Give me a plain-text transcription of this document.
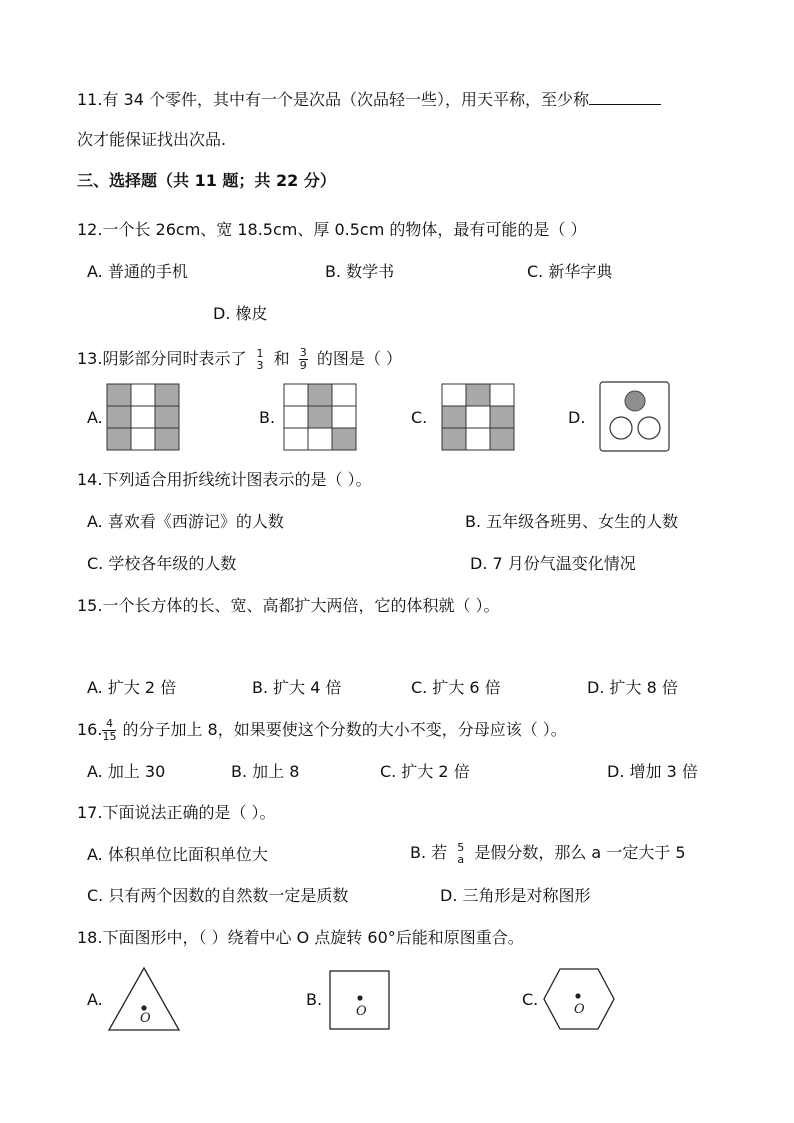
11.有 34 个零件，其中有一个是次品（次品轻一些），用天平称，至少称
次才能保证找出次品.
三、选择题（共 11 题；共 22 分）
12.一个长 26cm、宽 18.5cm、厚 0.5cm 的物体，最有可能的是（ ）
A. 普通的手机	B. 数学书	C. 新华字典
D. 橡皮
13.阴影部分同时表示了 1
3 和 $\frac{3}{9}$ 的图是（ ）
A.	B.	C.	D.
14.下列适合用折线统计图表示的是（ ）。
A. 喜欢看《西游记》的人数	B. 五年级各班男、女生的人数
C. 学校各年级的人数	D. 7 月份气温变化情况
15.一个长方体的长、宽、高都扩大两倍，它的体积就（ ）。
A. 扩大 2 倍	B. 扩大 4 倍	C. 扩大 6 倍	D. 扩大 8 倍
16. $\frac{4}{15}$ 的分子加上 8，如果要使这个分数的大小不变，分母应该（ ）。
A. 加上 30	B. 加上 8	C. 扩大 2 倍	D. 增加 3 倍
17.下面说法正确的是（ ）。
A. 体积单位比面积单位大	B. 若 5
a 是假分数，那么 a 一定大于 5
C. 只有两个因数的自然数一定是质数	D. 三角形是对称图形
18.下面图形中，（ ）绕着中心 O 点旋转 60°后能和原图重合。
A.
O
B.
O
C.
O
